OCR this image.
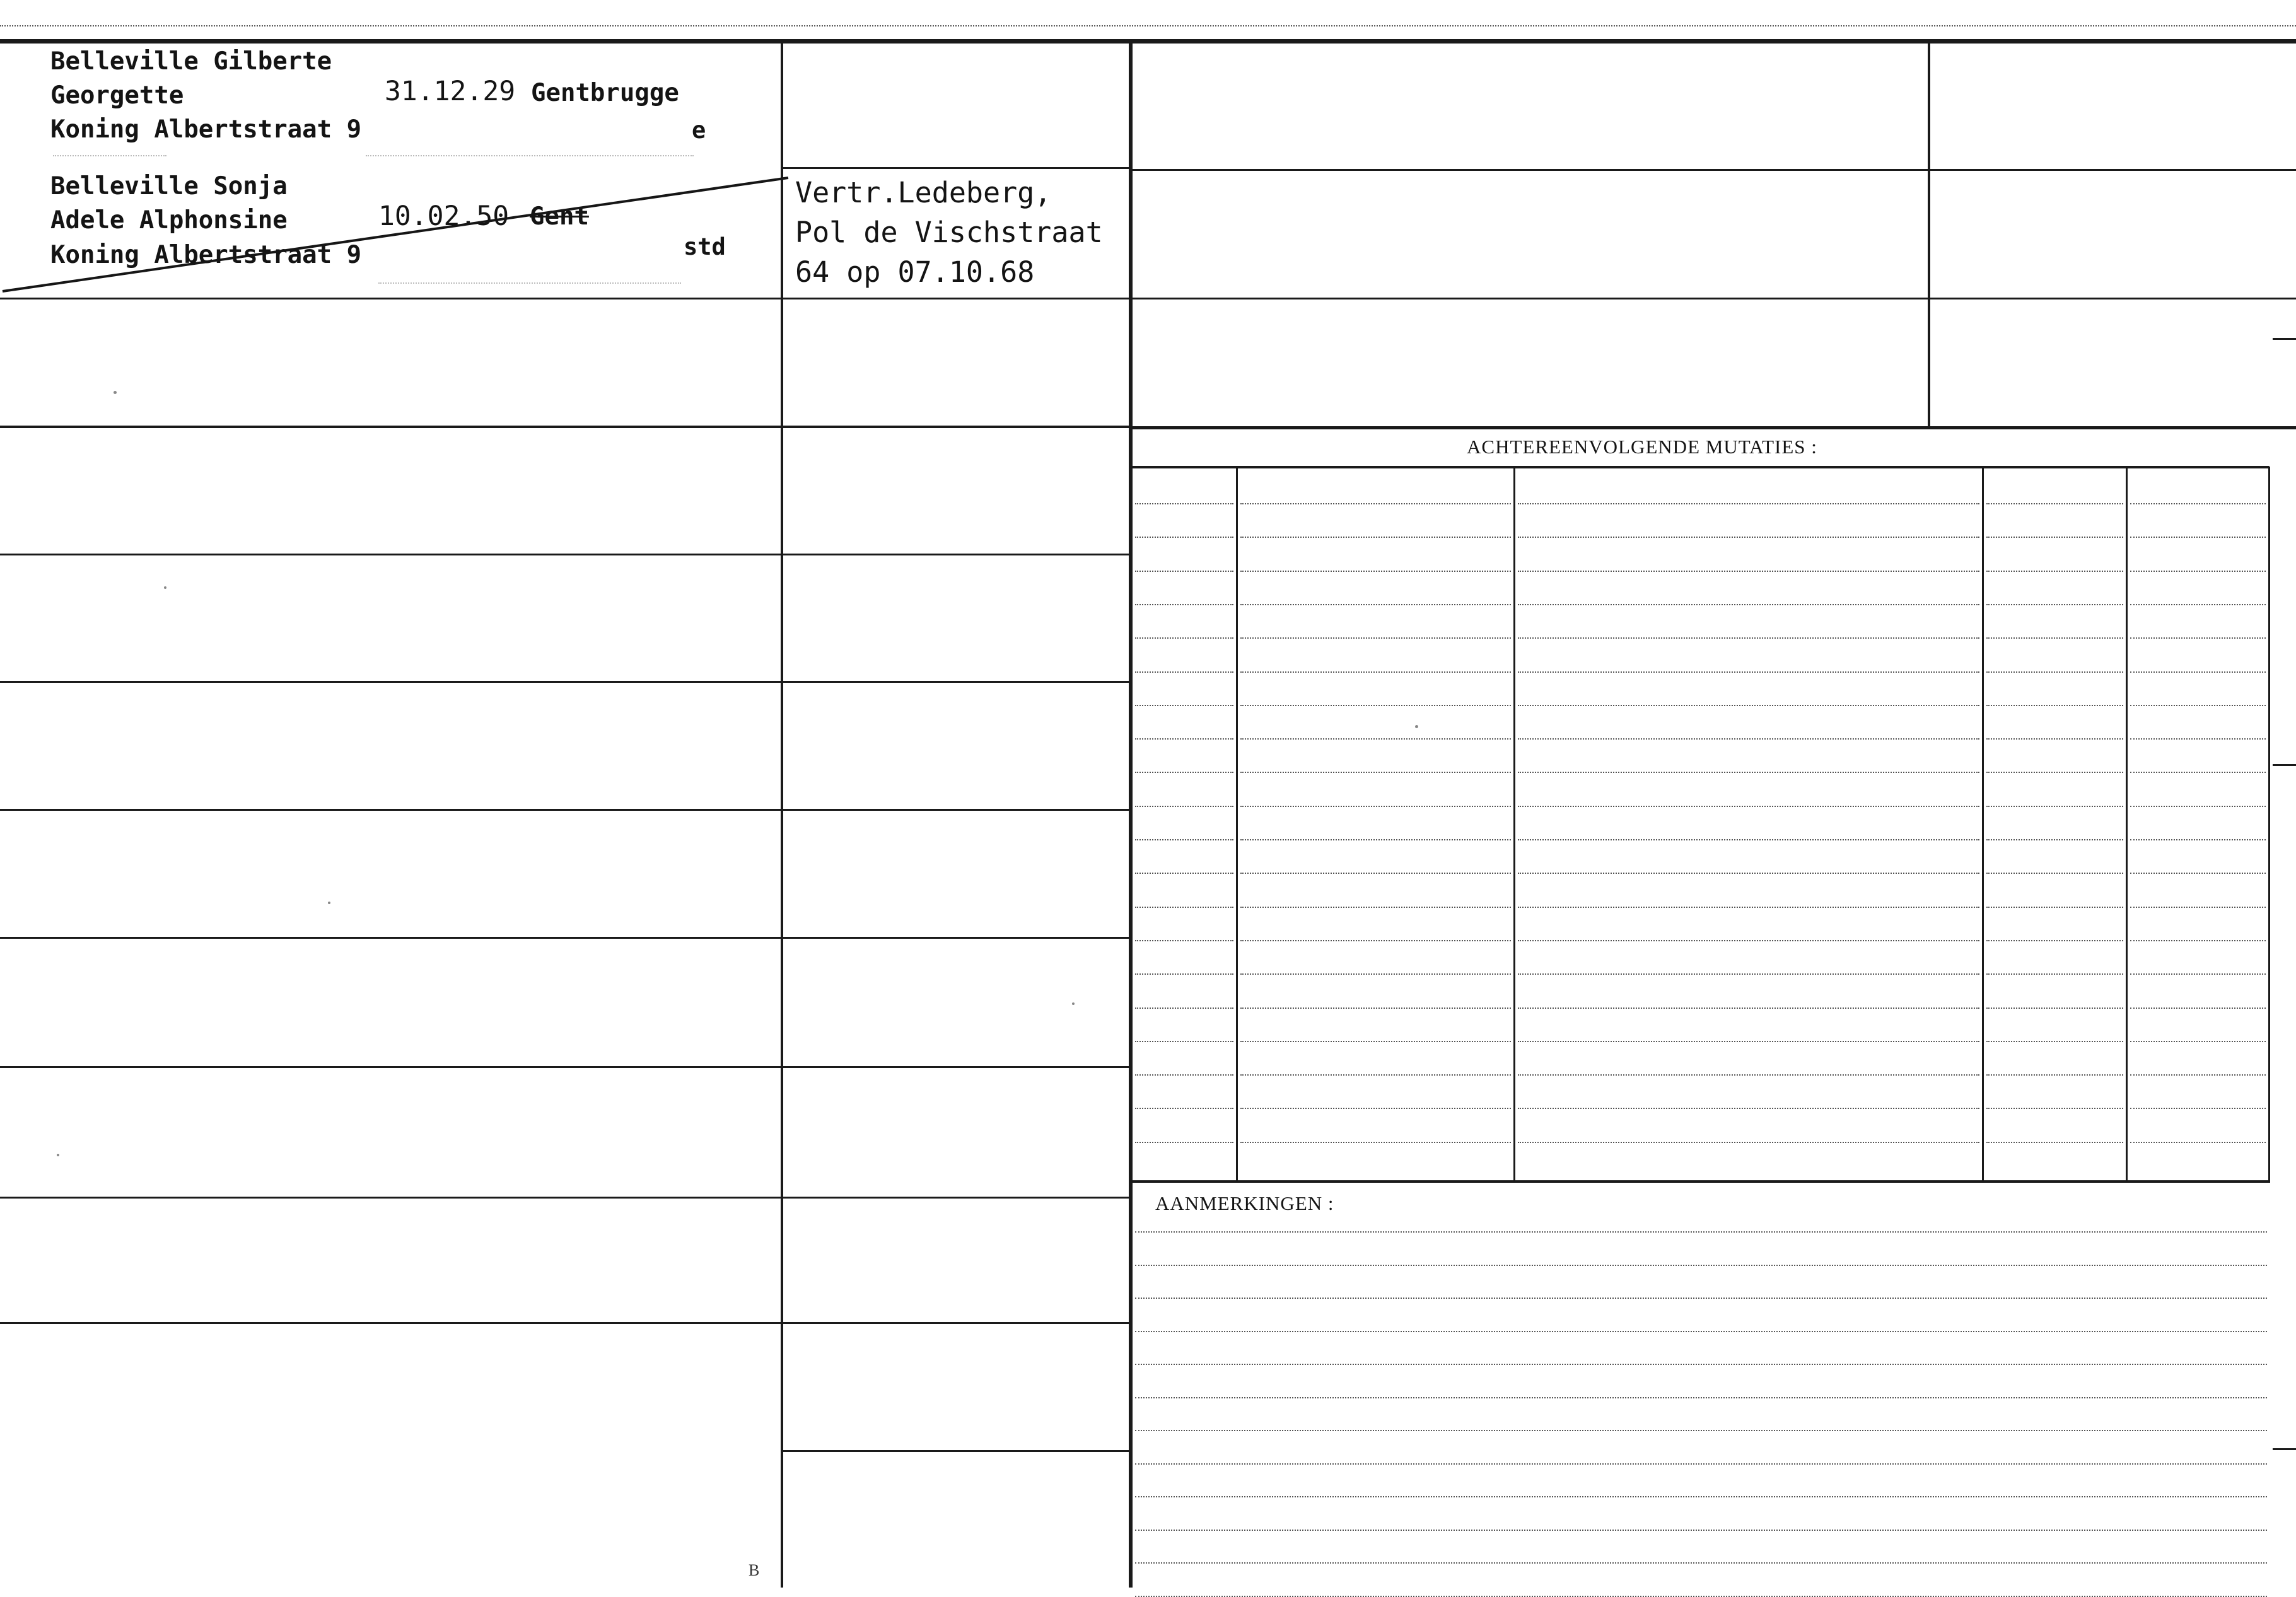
ACHTEREENVOLGENDE MUTATIES :
AANMERKINGEN :
Belleville Gilberte
Georgette	31.12.29 Gentbrugge
Koning Albertstraat 9	e
Belleville Sonja
Adele Alphonsine	10.02.50 Gent
Koning Albertstraat 9	std
Vertr.Ledeberg,
Pol de Vischstraat
64 op 07.10.68
B
